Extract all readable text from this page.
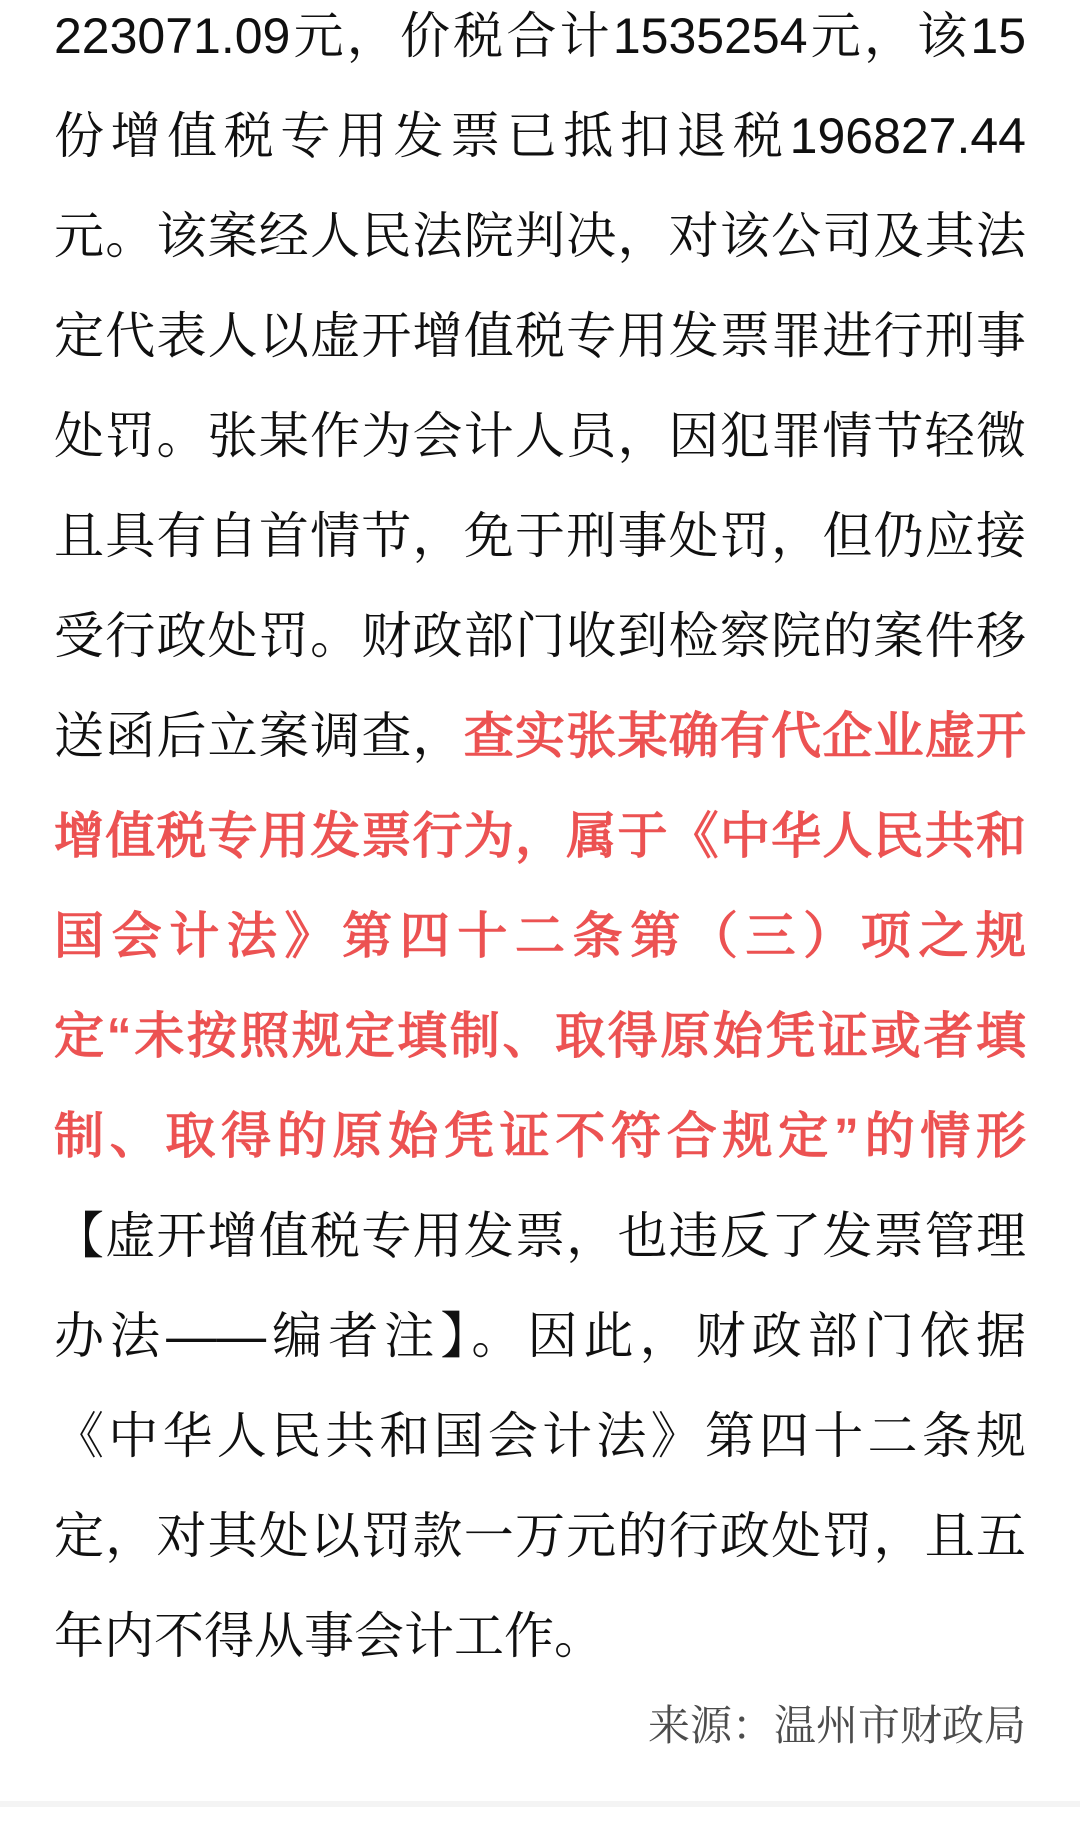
223071.09元，价税合计1535254元，该15份增值税专用发票已抵扣退税196827.44元。该案经人民法院判决，对该公司及其法定代表人以虚开增值税专用发票罪进行刑事处罚。张某作为会计人员，因犯罪情节轻微且具有自首情节，免于刑事处罚，但仍应接受行政处罚。财政部门收到检察院的案件移送函后立案调查，查实张某确有代企业虚开增值税专用发票行为，属于《中华人民共和国会计法》第四十二条第（三）项之规定“未按照规定填制、取得原始凭证或者填制、取得的原始凭证不符合规定”的情形【虚开增值税专用发票，也违反了发票管理办法——编者注】。因此，财政部门依据《中华人民共和国会计法》第四十二条规定，对其处以罚款一万元的行政处罚，且五年内不得从事会计工作。

来源：温州市财政局
